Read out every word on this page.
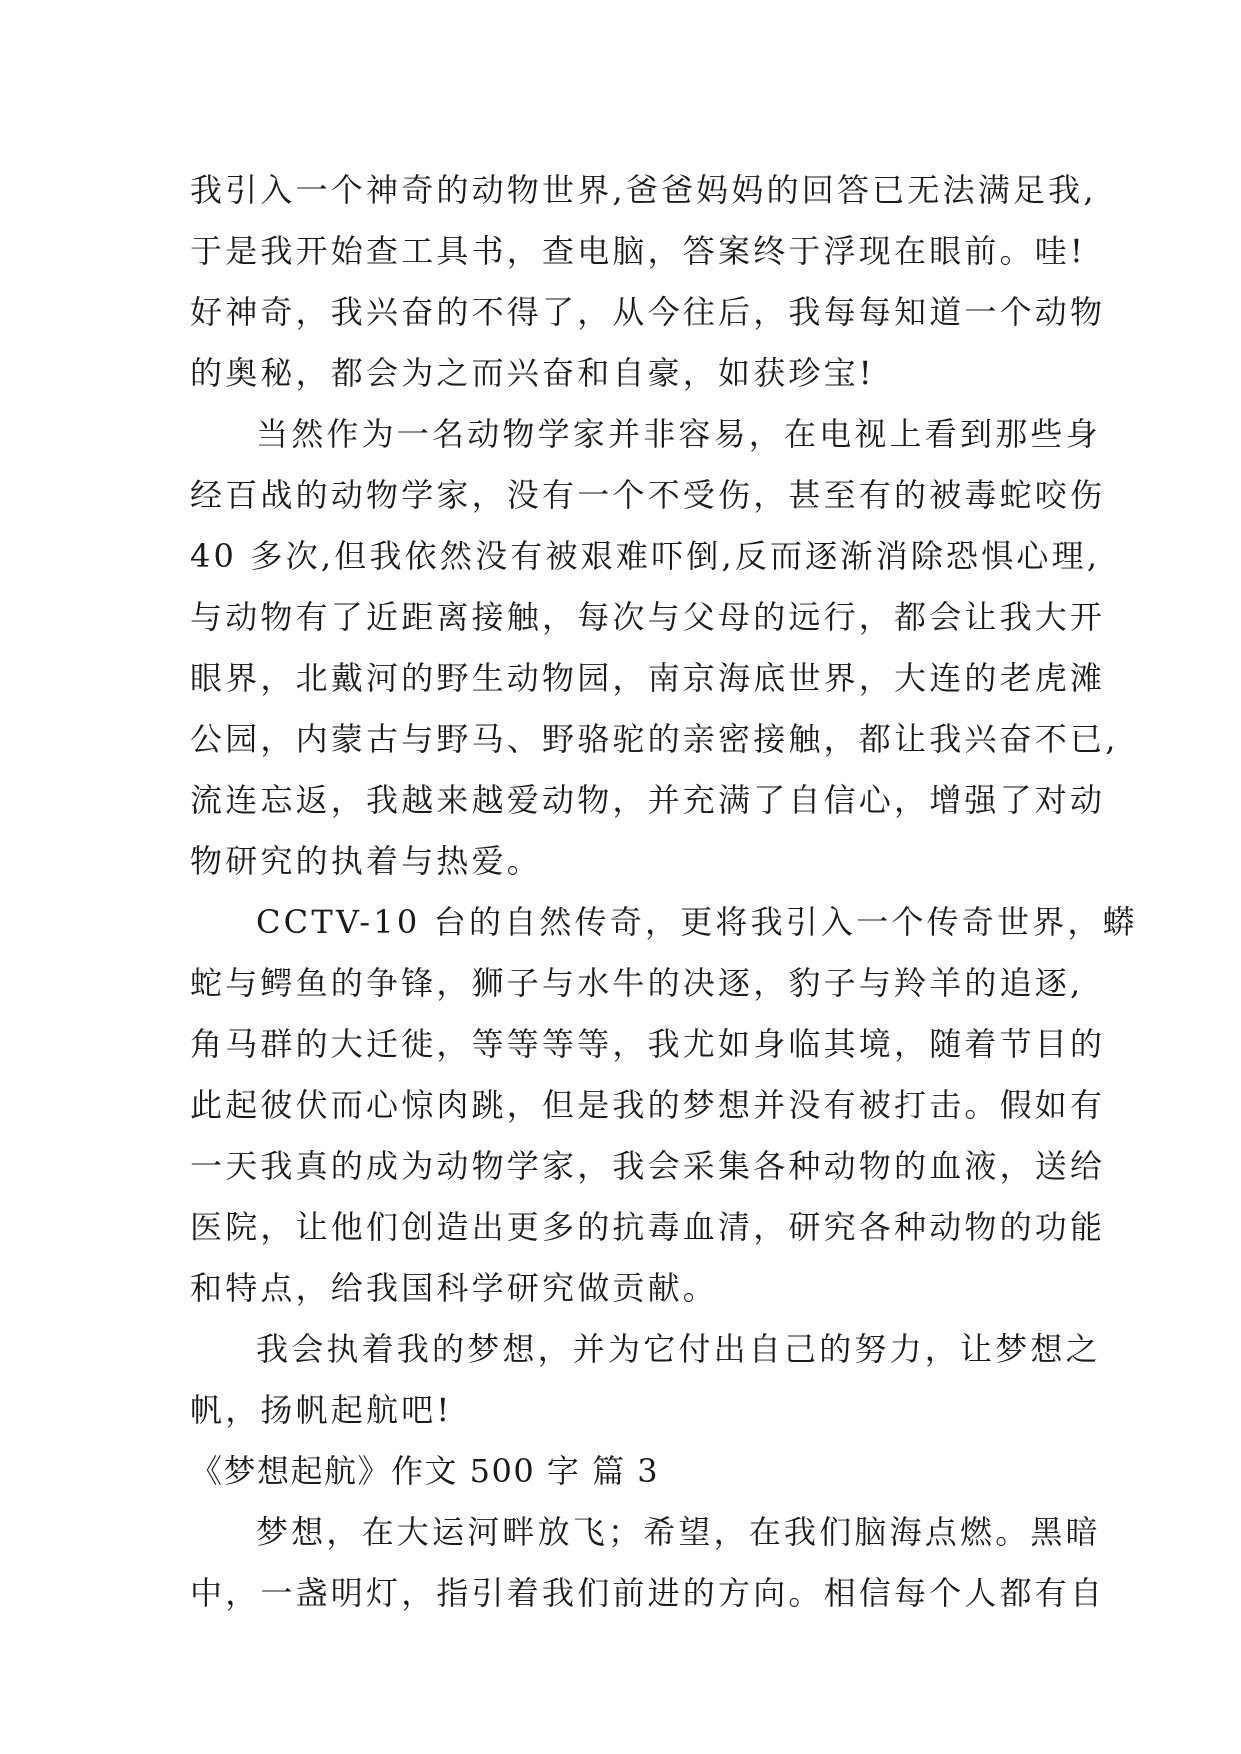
我引入一个神奇的动物世界,爸爸妈妈的回答已无法满足我,
于是我开始查工具书，查电脑，答案终于浮现在眼前。哇!
好神奇，我兴奋的不得了，从今往后，我每每知道一个动物
的奥秘，都会为之而兴奋和自豪，如获珍宝!
当然作为一名动物学家并非容易，在电视上看到那些身
经百战的动物学家，没有一个不受伤，甚至有的被毒蛇咬伤
40 多次,但我依然没有被艰难吓倒,反而逐渐消除恐惧心理,
与动物有了近距离接触，每次与父母的远行，都会让我大开
眼界，北戴河的野生动物园，南京海底世界，大连的老虎滩
公园，内蒙古与野马、野骆驼的亲密接触，都让我兴奋不已,
流连忘返，我越来越爱动物，并充满了自信心，增强了对动
物研究的执着与热爱。
CCTV-10 台的自然传奇，更将我引入一个传奇世界，蟒
蛇与鳄鱼的争锋，狮子与水牛的决逐，豹子与羚羊的追逐,
角马群的大迁徙，等等等等，我尤如身临其境，随着节目的
此起彼伏而心惊肉跳，但是我的梦想并没有被打击。假如有
一天我真的成为动物学家，我会采集各种动物的血液，送给
医院，让他们创造出更多的抗毒血清，研究各种动物的功能
和特点，给我国科学研究做贡献。
我会执着我的梦想，并为它付出自己的努力，让梦想之
帆，扬帆起航吧!
《梦想起航》作文 500 字 篇 3
梦想，在大运河畔放飞；希望，在我们脑海点燃。黑暗
中，一盏明灯，指引着我们前进的方向。相信每个人都有自
